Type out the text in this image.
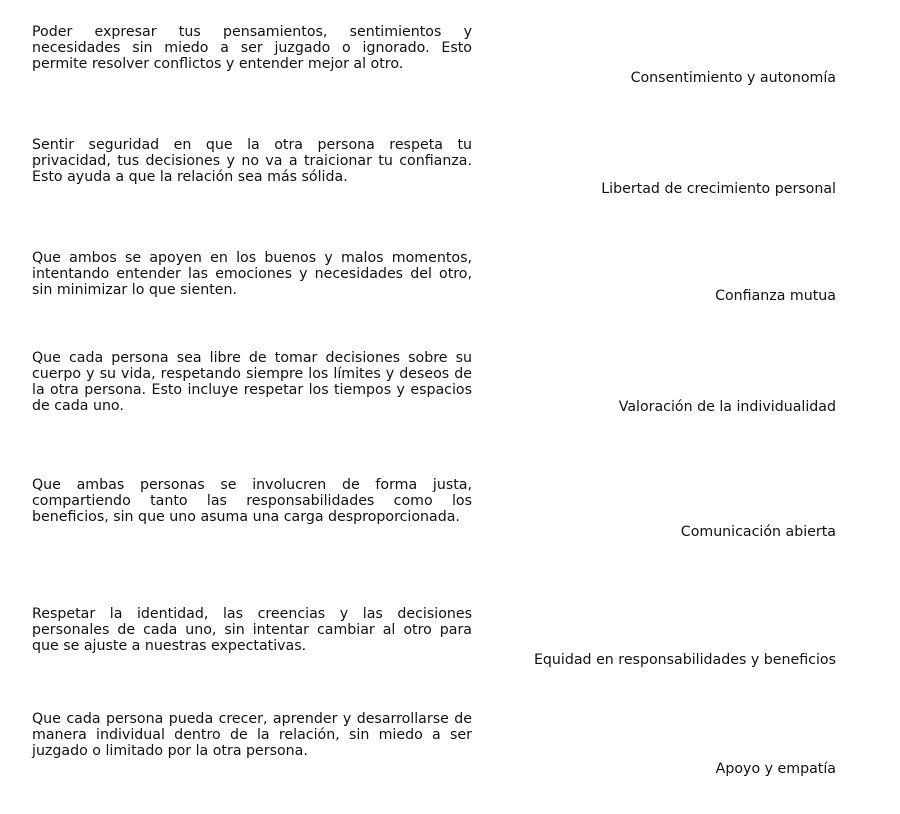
Poder expresar tus pensamientos, sentimientos y necesidades sin miedo a ser juzgado o ignorado. Esto permite resolver conflictos y entender mejor al otro.
Consentimiento y autonomía
Sentir seguridad en que la otra persona respeta tu privacidad, tus decisiones y no va a traicionar tu confianza. Esto ayuda a que la relación sea más sólida.
Libertad de crecimiento personal
Que ambos se apoyen en los buenos y malos momentos, intentando entender las emociones y necesidades del otro, sin minimizar lo que sienten.	Confianza mutua
Que cada persona sea libre de tomar decisiones sobre su cuerpo y su vida, respetando siempre los límites y deseos de la otra persona. Esto incluye respetar los tiempos y espacios de cada uno.	Valoración de la individualidad
Que ambas personas se involucren de forma justa, compartiendo tanto las responsabilidades como los beneficios, sin que uno asuma una carga desproporcionada.
Comunicación abierta
Respetar la identidad, las creencias y las decisiones personales de cada uno, sin intentar cambiar al otro para que se ajuste a nuestras expectativas.
Equidad en responsabilidades y beneficios
Que cada persona pueda crecer, aprender y desarrollarse de manera individual dentro de la relación, sin miedo a ser juzgado o limitado por la otra persona.
Apoyo y empatía
